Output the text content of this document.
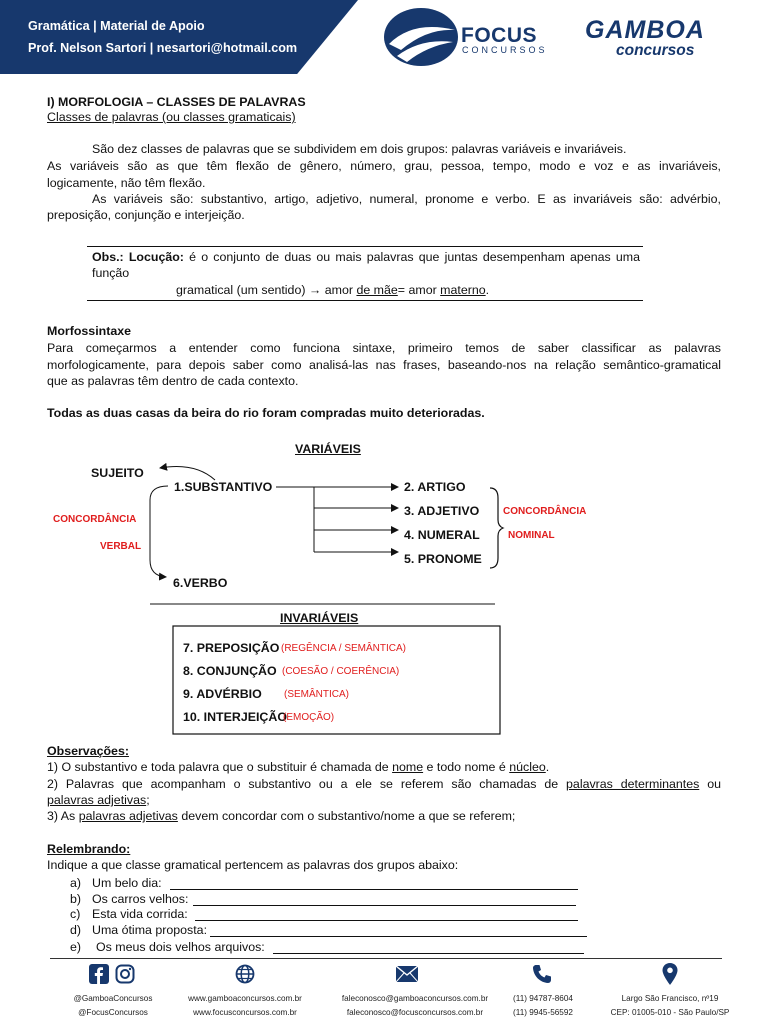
Gramática | Material de Apoio
Prof. Nelson Sartori | nesartori@hotmail.com
FOCUS
CONCURSOS
GAMBOA
concursos
I) MORFOLOGIA – CLASSES DE PALAVRAS
Classes de palavras (ou classes gramaticais)
São dez classes de palavras que se subdividem em dois grupos: palavras variáveis e invariáveis.
As variáveis são as que têm flexão de gênero, número, grau, pessoa, tempo, modo e voz e as invariáveis,
logicamente, não têm flexão.
As variáveis são: substantivo, artigo, adjetivo, numeral, pronome e verbo. E as invariáveis são: advérbio,
preposição, conjunção e interjeição.
Obs.: Locução: é o conjunto de duas ou mais palavras que juntas desempenham apenas uma
função
gramatical (um sentido) → amor de mãe= amor materno.
Morfossintaxe
Para começarmos a entender como funciona sintaxe, primeiro temos de saber classificar as palavras
morfologicamente, para depois saber como analisá-las nas frases, baseando-nos na relação semântico-gramatical
que as palavras têm dentro de cada contexto.
Todas as duas casas da beira do rio foram compradas muito deterioradas.
VARIÁVEIS
SUJEITO
1.SUBSTANTIVO
CONCORDÂNCIA
VERBAL
6.VERBO
2. ARTIGO
3. ADJETIVO
4. NUMERAL
5. PRONOME
CONCORDÂNCIA
NOMINAL
INVARIÁVEIS
7. PREPOSIÇÃO (REGÊNCIA / SEMÂNTICA)
8. CONJUNÇÃO (COESÃO / COERÊNCIA)
9. ADVÉRBIO (SEMÂNTICA)
10. INTERJEIÇÃO
(EMOÇÃO)
Observações:
1) O substantivo e toda palavra que o substituir é chamada de nome e todo nome é núcleo.
2) Palavras que acompanham o substantivo ou a ele se referem são chamadas de palavras determinantes ou
palavras adjetivas;
3) As palavras adjetivas devem concordar com o substantivo/nome a que se referem;
Relembrando:
Indique a que classe gramatical pertencem as palavras dos grupos abaixo:
a) Um belo dia:
b) Os carros velhos:
c) Esta vida corrida:
d) Uma ótima proposta:
e) Os meus dois velhos arquivos:
@GamboaConcursos
@FocusConcursos
www.gamboaconcursos.com.br
www.focusconcursos.com.br
faleconosco@gamboaconcursos.com.br
faleconosco@focusconcursos.com.br
(11) 94787-8604
(11) 9945-56592
Largo São Francisco, nº19
CEP: 01005-010 - São Paulo/SP
